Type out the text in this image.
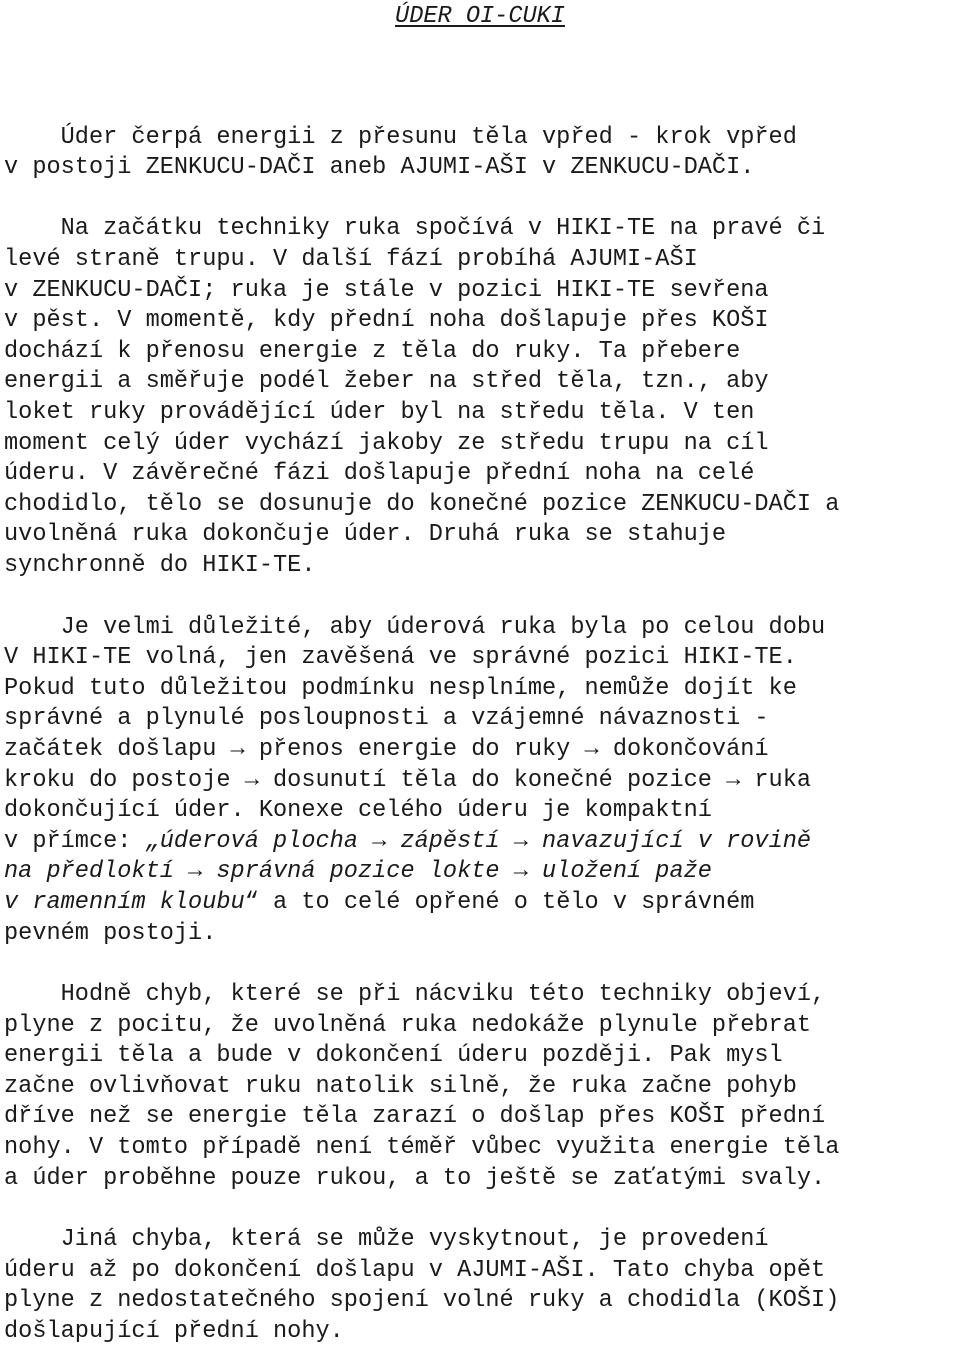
ÚDER OI-CUKI
Úder čerpá energii z přesunu těla vpřed - krok vpřed
v postoji ZENKUCU-DAČI aneb AJUMI-AŠI v ZENKUCU-DAČI.
Na začátku techniky ruka spočívá v HIKI-TE na pravé či
levé straně trupu. V další fází probíhá AJUMI-AŠI
v ZENKUCU-DAČI; ruka je stále v pozici HIKI-TE sevřena
v pěst. V momentě, kdy přední noha došlapuje přes KOŠI
dochází k přenosu energie z těla do ruky. Ta přebere
energii a směřuje podél žeber na střed těla, tzn., aby
loket ruky provádějící úder byl na středu těla. V ten
moment celý úder vychází jakoby ze středu trupu na cíl
úderu. V závěrečné fázi došlapuje přední noha na celé
chodidlo, tělo se dosunuje do konečné pozice ZENKUCU-DAČI a
uvolněná ruka dokončuje úder. Druhá ruka se stahuje
synchronně do HIKI-TE.
Je velmi důležité, aby úderová ruka byla po celou dobu
V HIKI-TE volná, jen zavěšená ve správné pozici HIKI-TE.
Pokud tuto důležitou podmínku nesplníme, nemůže dojít ke
správné a plynulé posloupnosti a vzájemné návaznosti -
začátek došlapu → přenos energie do ruky → dokončování
kroku do postoje → dosunutí těla do konečné pozice → ruka
dokončující úder. Konexe celého úderu je kompaktní
v přímce: „úderová plocha → zápěstí → navazující v rovině
na předloktí → správná pozice lokte → uložení paže
v ramenním kloubu“ a to celé opřené o tělo v správném
pevném postoji.
Hodně chyb, které se při nácviku této techniky objeví,
plyne z pocitu, že uvolněná ruka nedokáže plynule přebrat
energii těla a bude v dokončení úderu později. Pak mysl
začne ovlivňovat ruku natolik silně, že ruka začne pohyb
dříve než se energie těla zarazí o došlap přes KOŠI přední
nohy. V tomto případě není téměř vůbec využita energie těla
a úder proběhne pouze rukou, a to ještě se zaťatými svaly.
Jiná chyba, která se může vyskytnout, je provedení
úderu až po dokončení došlapu v AJUMI-AŠI. Tato chyba opět
plyne z nedostatečného spojení volné ruky a chodidla (KOŠI)
došlapující přední nohy.
